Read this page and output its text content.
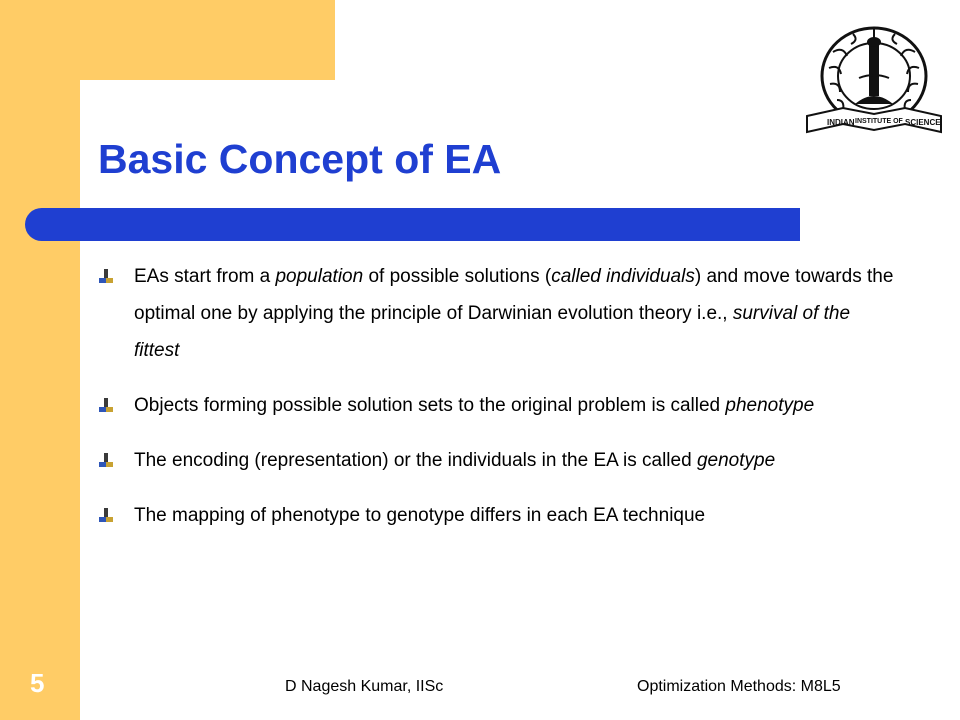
INDIAN INSTITUTE OF SCIENCE
Basic Concept of EA
EAs start from a population of possible solutions (called individuals) and move towards the optimal one by applying the principle of Darwinian evolution theory i.e., survival of the fittest
Objects forming possible solution sets to the original problem is called phenotype
The encoding (representation) or the individuals in the EA is called genotype
The mapping of phenotype to genotype differs in each EA technique
5	D Nagesh Kumar, IISc	Optimization Methods: M8L5
